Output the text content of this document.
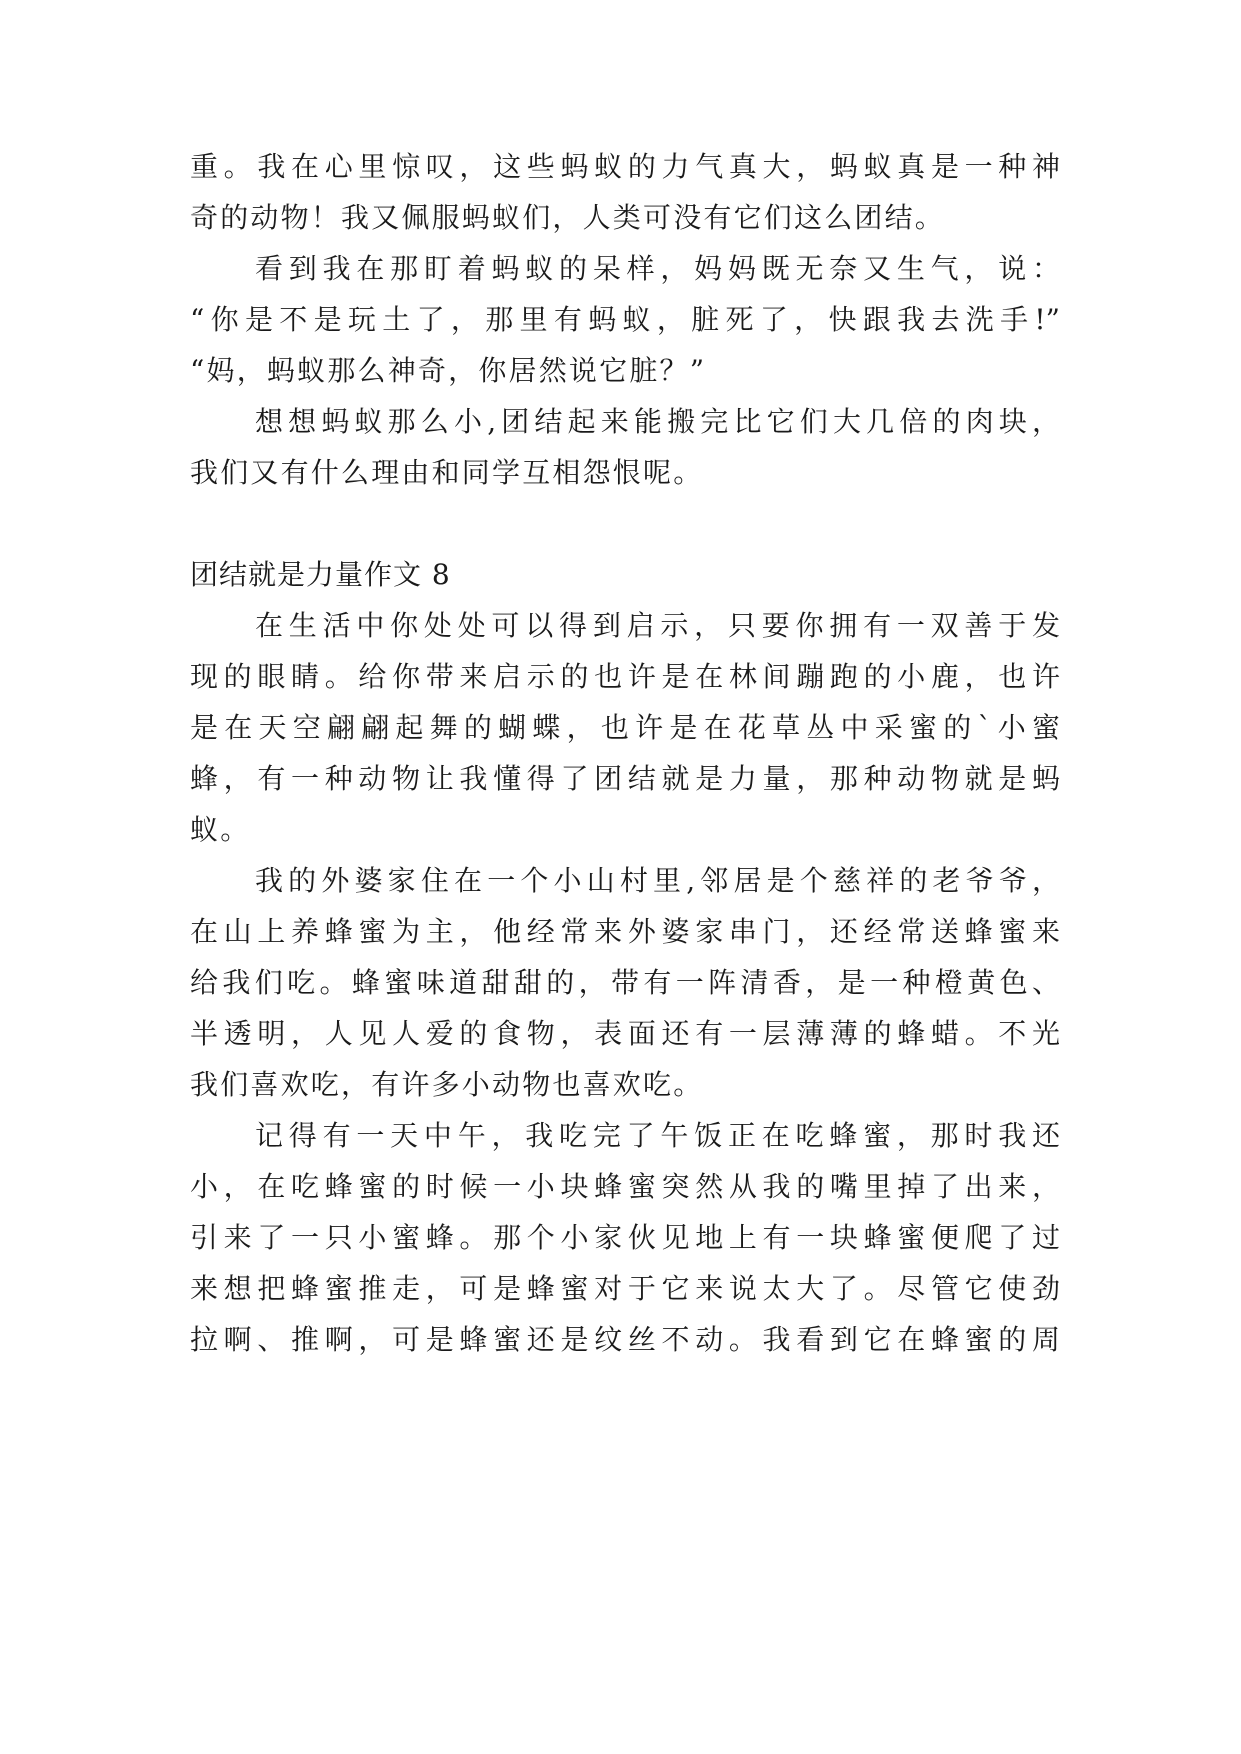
重。我在心里惊叹，这些蚂蚁的力气真大，蚂蚁真是一种神
奇的动物！我又佩服蚂蚁们，人类可没有它们这么团结。
看到我在那盯着蚂蚁的呆样，妈妈既无奈又生气，说：
“你是不是玩土了，那里有蚂蚁，脏死了，快跟我去洗手!”
“妈，蚂蚁那么神奇，你居然说它脏？”
想想蚂蚁那么小,团结起来能搬完比它们大几倍的肉块，
我们又有什么理由和同学互相怨恨呢。
团结就是力量作文 8
在生活中你处处可以得到启示，只要你拥有一双善于发
现的眼睛。给你带来启示的也许是在林间蹦跑的小鹿，也许
是在天空翩翩起舞的蝴蝶，也许是在花草丛中采蜜的`小蜜
蜂，有一种动物让我懂得了团结就是力量，那种动物就是蚂
蚁。
我的外婆家住在一个小山村里,邻居是个慈祥的老爷爷，
在山上养蜂蜜为主，他经常来外婆家串门，还经常送蜂蜜来
给我们吃。蜂蜜味道甜甜的，带有一阵清香，是一种橙黄色、
半透明，人见人爱的食物，表面还有一层薄薄的蜂蜡。不光
我们喜欢吃，有许多小动物也喜欢吃。
记得有一天中午，我吃完了午饭正在吃蜂蜜，那时我还
小，在吃蜂蜜的时候一小块蜂蜜突然从我的嘴里掉了出来，
引来了一只小蜜蜂。那个小家伙见地上有一块蜂蜜便爬了过
来想把蜂蜜推走，可是蜂蜜对于它来说太大了。尽管它使劲
拉啊、推啊，可是蜂蜜还是纹丝不动。我看到它在蜂蜜的周
